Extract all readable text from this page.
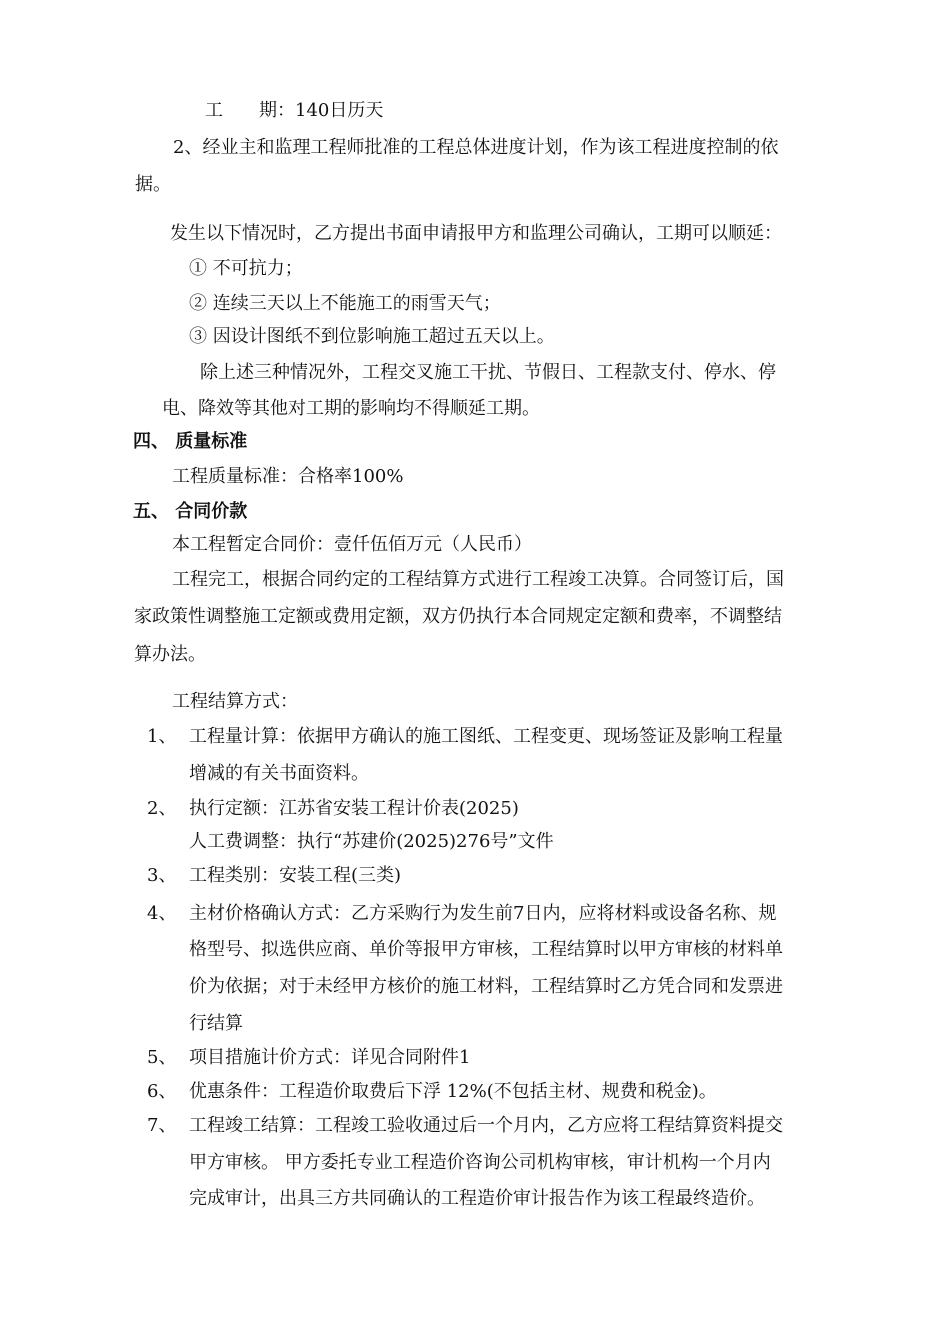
工　　期：140日历天
2、经业主和监理工程师批准的工程总体进度计划，作为该工程进度控制的依
据。
发生以下情况时，乙方提出书面申请报甲方和监理公司确认，工期可以顺延：
① 不可抗力；
② 连续三天以上不能施工的雨雪天气；
③ 因设计图纸不到位影响施工超过五天以上。
除上述三种情况外，工程交叉施工干扰、节假日、工程款支付、停水、停
电、降效等其他对工期的影响均不得顺延工期。
四、 质量标准
工程质量标准：合格率100%
五、 合同价款
本工程暂定合同价：壹仟伍佰万元（人民币）
工程完工，根据合同约定的工程结算方式进行工程竣工决算。合同签订后，国
家政策性调整施工定额或费用定额，双方仍执行本合同规定定额和费率，不调整结
算办法。
工程结算方式：
1、 工程量计算：依据甲方确认的施工图纸、工程变更、现场签证及影响工程量
增减的有关书面资料。
2、 执行定额：江苏省安装工程计价表(2025)
人工费调整：执行“苏建价(2025)276号”文件
3、 工程类别：安装工程(三类)
4、 主材价格确认方式：乙方采购行为发生前7日内，应将材料或设备名称、规
格型号、拟选供应商、单价等报甲方审核，工程结算时以甲方审核的材料单
价为依据；对于未经甲方核价的施工材料，工程结算时乙方凭合同和发票进
行结算
5、 项目措施计价方式：详见合同附件1
6、 优惠条件：工程造价取费后下浮 12%(不包括主材、规费和税金)。
7、 工程竣工结算：工程竣工验收通过后一个月内，乙方应将工程结算资料提交
甲方审核。 甲方委托专业工程造价咨询公司机构审核，审计机构一个月内
完成审计，出具三方共同确认的工程造价审计报告作为该工程最终造价。
